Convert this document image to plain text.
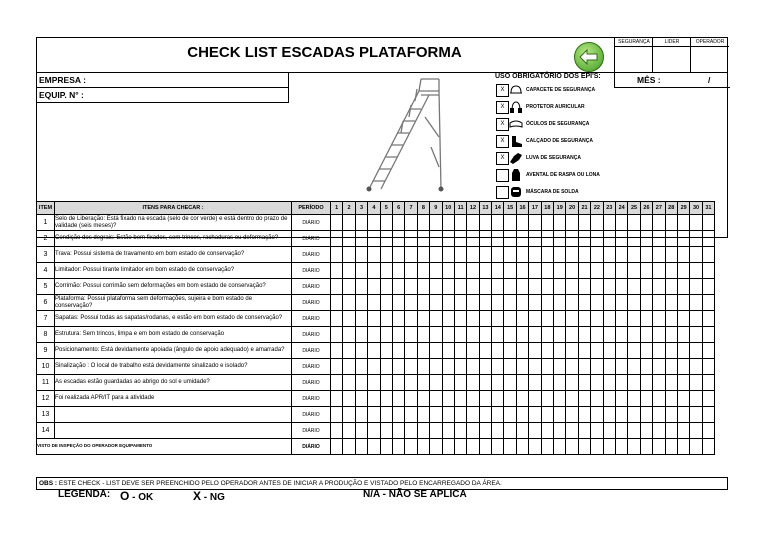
CHECK LIST ESCADAS PLATAFORMA
SEGURANÇA	LIDER	OPERADOR
EMPRESA :
EQUIP. N° :
USO OBRIGATÓRIO DOS EPI'S:
X	CAPACETE DE SEGURANÇA
X	PROTETOR AURICULAR
X	ÓCULOS DE SEGURANÇA
X	CALÇADO DE SEGURANÇA
X	LUVA DE SEGURANÇA
AVENTAL DE RASPA OU LONA
MÁSCARA DE SOLDA
MÊS :	/
ITEM	ITENS PARA CHECAR :	PERÍODO	1	2	3	4	5	6	7	8	9	10	11	12	13	14	15	16	17	18	19	20	21	22	23	24	25	26	27	28	29	30	31
1	Selo de Liberação: Está fixado na escada (selo de cor verde) e está dentro do prazo de validade (seis meses)?	DIÁRIO																															
2	Condição dos degrais: Estão bem fixados, sem trincos, rachaduras ou deformação?	DIÁRIO																															
3	Trava: Possui sistema de travamento em bom estado de conservação?	DIÁRIO																															
4	Limitador: Possui tirante limitador em bom estado de conservação?	DIÁRIO																															
5	Corrimão: Possui corrimão sem deformações em bom estado de conservação?	DIÁRIO																															
6	Plataforma: Possui plataforma sem deformações, sujeira e bom estado de conservação?	DIÁRIO																															
7	Sapatas: Possui todas as sapatas/rodanas, e estão em bom estado de conservação?	DIÁRIO																															
8	Estrutura: Sem trincos, limpa e em bom estado de conservação	DIÁRIO																															
9	Posicionamento: Está devidamente apoiada (ângulo de apoio adequado) e amarrada?	DIÁRIO																															
10	Sinalização : O local de trabalho está devidamente sinalizado e isolado?	DIÁRIO																															
11	As escadas estão guardadas ao abrigo do sol e umidade?	DIÁRIO																															
12	Foi realizada APR/IT para a atividade	DIÁRIO																															
13		DIÁRIO																															
14		DIÁRIO																															
VISTO DE INSPEÇÃO DO OPERADOR EQUIPAMENTO		DIÁRIO																															
OBS : ESTE CHECK - LIST DEVE SER PREENCHIDO PELO OPERADOR ANTES DE INICIAR A PRODUÇÃO E VISTADO PELO ENCARREGADO DA ÁREA.
LEGENDA: O - OK	X - NG	N/A - NÃO SE APLICA
